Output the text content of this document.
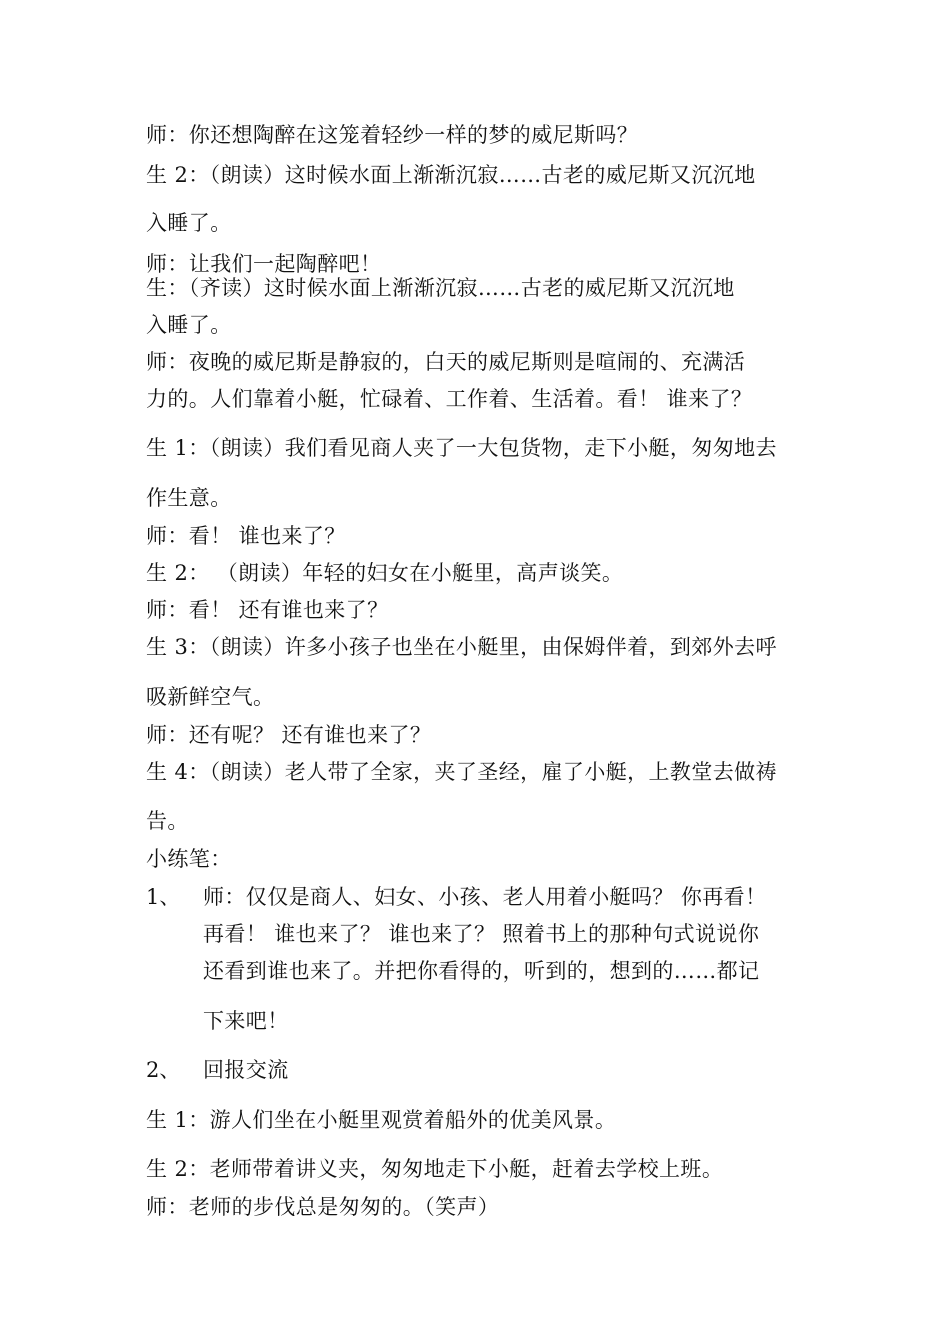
师：你还想陶醉在这笼着轻纱一样的梦的威尼斯吗？
生 2：（朗读）这时候水面上渐渐沉寂……古老的威尼斯又沉沉地
入睡了。
师：让我们一起陶醉吧！
生：（齐读）这时候水面上渐渐沉寂……古老的威尼斯又沉沉地
入睡了。
师：夜晚的威尼斯是静寂的，白天的威尼斯则是喧闹的、充满活
力的。人们靠着小艇，忙碌着、工作着、生活着。看！ 谁来了？
生 1：（朗读）我们看见商人夹了一大包货物，走下小艇，匆匆地去
作生意。
师：看！ 谁也来了？
生 2： （朗读）年轻的妇女在小艇里，高声谈笑。
师：看！ 还有谁也来了？
生 3：（朗读）许多小孩子也坐在小艇里，由保姆伴着，到郊外去呼
吸新鲜空气。
师：还有呢？ 还有谁也来了？
生 4：（朗读）老人带了全家，夹了圣经，雇了小艇，上教堂去做祷
告。
小练笔：
1、 师：仅仅是商人、妇女、小孩、老人用着小艇吗？ 你再看！
再看！ 谁也来了？ 谁也来了？ 照着书上的那种句式说说你
还看到谁也来了。并把你看得的，听到的，想到的……都记
下来吧！
2、 回报交流
生 1：游人们坐在小艇里观赏着船外的优美风景。
生 2：老师带着讲义夹，匆匆地走下小艇，赶着去学校上班。
师：老师的步伐总是匆匆的。（笑声）
